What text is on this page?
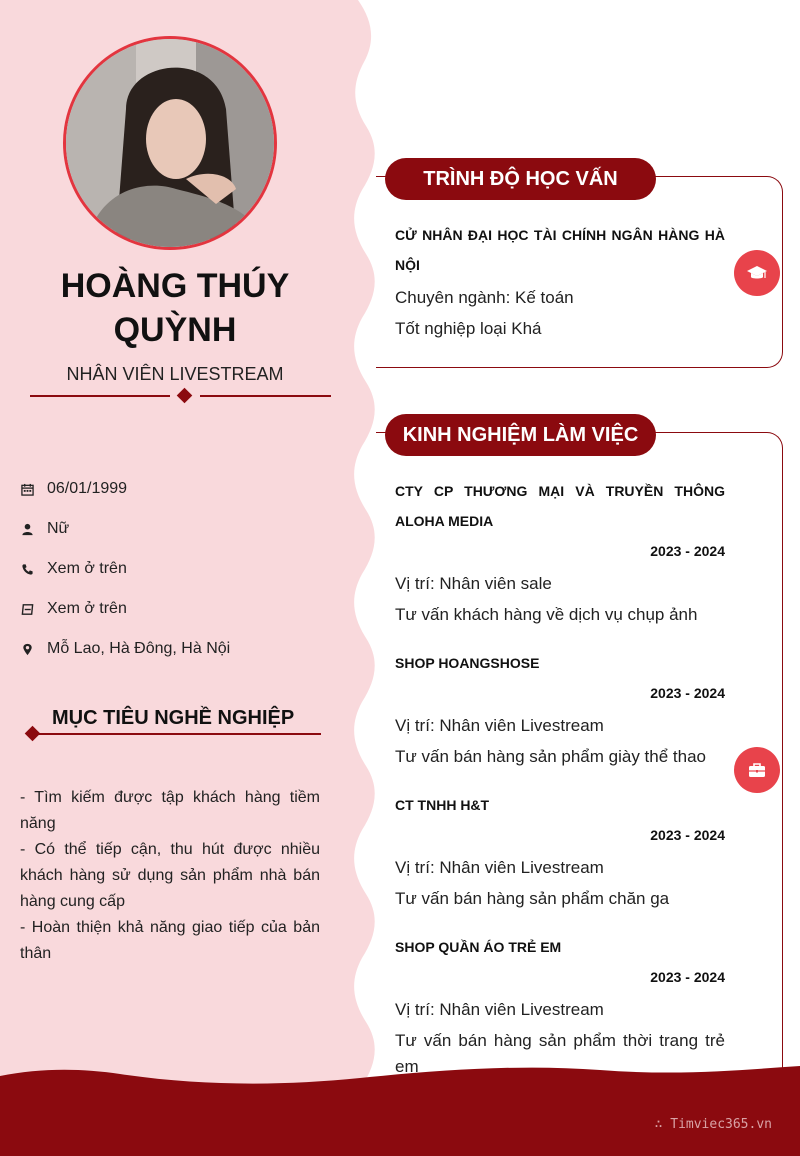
HOÀNG THÚY QUỲNH
NHÂN VIÊN LIVESTREAM
06/01/1999
Nữ
Xem ở trên
Xem ở trên
Mỗ Lao, Hà Đông, Hà Nội
MỤC TIÊU NGHỀ NGHIỆP

- Tìm kiếm được tập khách hàng tiềm năng

- Có thể tiếp cận, thu hút được nhiều khách hàng sử dụng sản phẩm nhà bán hàng cung cấp

- Hoàn thiện khả năng giao tiếp của bản thân

TRÌNH ĐỘ HỌC VẤN
CỬ NHÂN ĐẠI HỌC TÀI CHÍNH NGÂN HÀNG HÀ NỘI
Chuyên ngành: Kế toán
Tốt nghiệp loại Khá
KINH NGHIỆM LÀM VIỆC
CTY CP THƯƠNG MẠI VÀ TRUYỀN THÔNG ALOHA MEDIA
2023 - 2024
Vị trí: Nhân viên sale
Tư vấn khách hàng về dịch vụ chụp ảnh
SHOP HOANGSHOSE
2023 - 2024
Vị trí: Nhân viên Livestream
Tư vấn bán hàng sản phẩm giày thể thao
CT TNHH H&T
2023 - 2024
Vị trí: Nhân viên Livestream
Tư vấn bán hàng sản phẩm chăn ga
SHOP QUẦN ÁO TRẺ EM
2023 - 2024
Vị trí: Nhân viên Livestream
Tư vấn bán hàng sản phẩm thời trang trẻ em
∴ Timviec365.vn
